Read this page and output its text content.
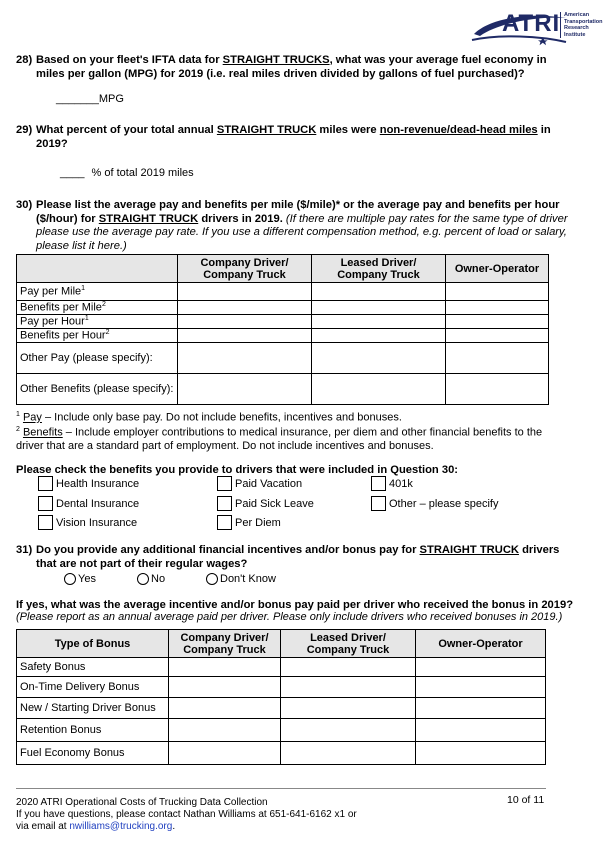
ATRI American
Transportation
Research
Institute
28) Based on your fleet's IFTA data for STRAIGHT TRUCKS, what was your average fuel economy in miles per gallon (MPG) for 2019 (i.e. real miles driven divided by gallons of fuel purchased)?
_______MPG
29) What percent of your total annual STRAIGHT TRUCK miles were non-revenue/dead-head miles in 2019?
____ % of total 2019 miles
30) Please list the average pay and benefits per mile ($/mile)* or the average pay and benefits per hour ($/hour) for STRAIGHT TRUCK drivers in 2019. (If there are multiple pay rates for the same type of driver please use the average pay rate. If you use a different compensation method, e.g. percent of load or salary, please list it here.)
	Company Driver/ Company Truck	Leased Driver/ Company Truck	Owner-Operator
Pay per Mile$^1$			
Benefits per Mile$^2$			
Pay per Hour$^1$			
Benefits per Hour$^2$			
Other Pay (please specify):			
Other Benefits (please specify):			
$^1$ Pay – Include only base pay. Do not include benefits, incentives and bonuses.
$^2$ Benefits – Include employer contributions to medical insurance, per diem and other financial benefits to the driver that are a standard part of employment. Do not include incentives and bonuses.
Please check the benefits you provide to drivers that were included in Question 30:
Health Insurance	Paid Vacation	401k
Dental Insurance	Paid Sick Leave	Other – please specify
Vision Insurance	Per Diem
31) Do you provide any additional financial incentives and/or bonus pay for STRAIGHT TRUCK drivers that are not part of their regular wages?
Yes	No	Don't Know
If yes, what was the average incentive and/or bonus pay paid per driver who received the bonus in 2019?
(Please report as an annual average paid per driver. Please only include drivers who received bonuses in 2019.)
Type of Bonus	Company Driver/ Company Truck	Leased Driver/ Company Truck	Owner-Operator
Safety Bonus			
On-Time Delivery Bonus			
New / Starting Driver Bonus			
Retention Bonus			
Fuel Economy Bonus			
2020 ATRI Operational Costs of Trucking Data Collection
If you have questions, please contact Nathan Williams at 651-641-6162 x1 or
via email at nwilliams@trucking.org.
10 of 11
